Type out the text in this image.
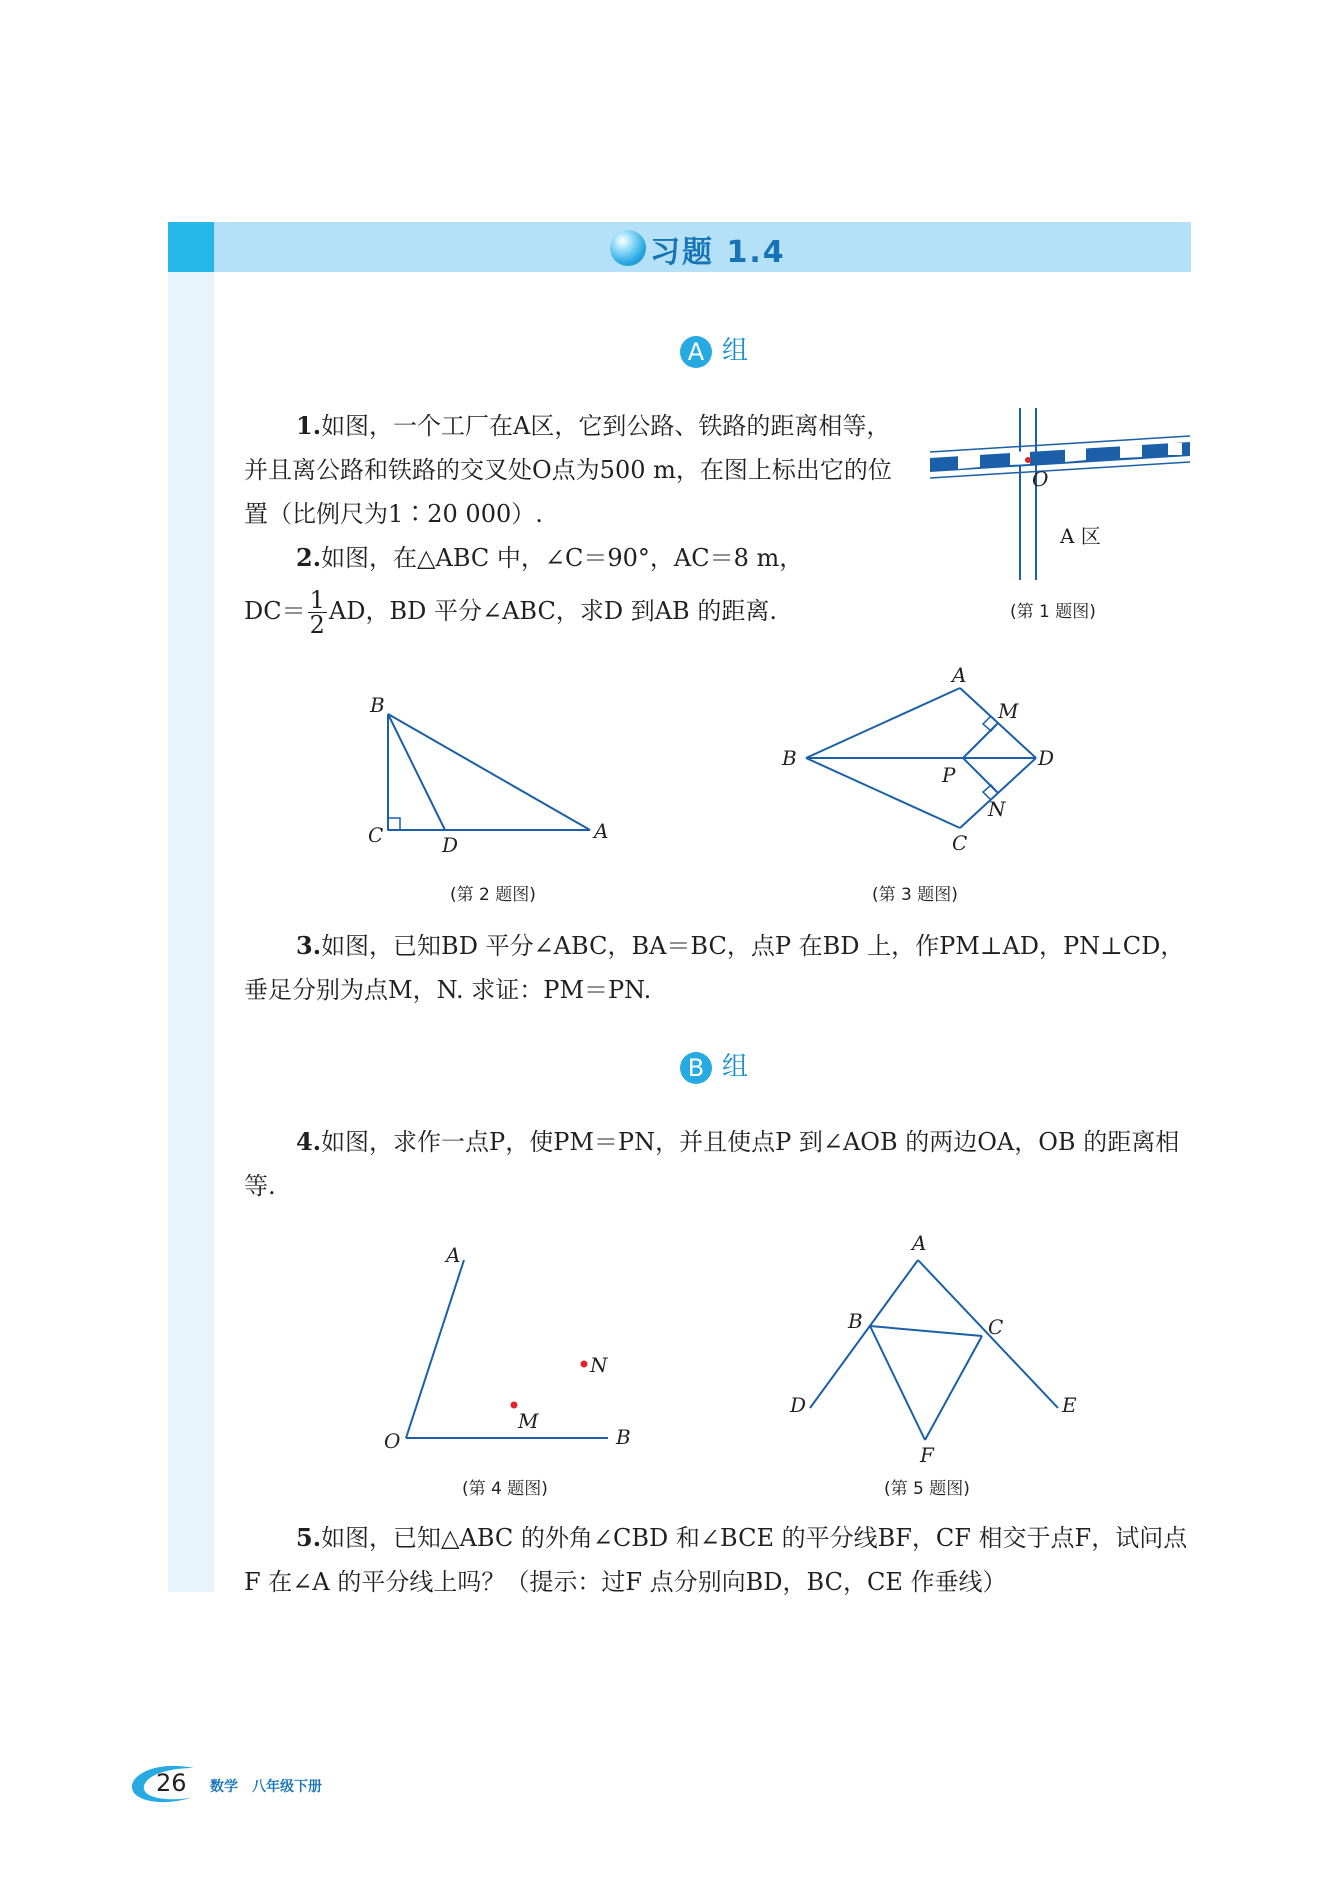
习题 1.4
A 组
1.如图，一个工厂在A区，它到公路、铁路的距离相等，并且离公路和铁路的交叉处O点为500 m，在图上标出它的位置（比例尺为1∶20 000）.
2.如图，在△ABC 中，∠C＝90°，AC＝8 m，
$DC= \frac{1}{2}$ AD，BD 平分∠ABC，求D 到AB 的距离.
O
A 区
(第 1 题图)
B
C	D
A
(第 2 题图)
A
M
B
P
D
N
C
(第 3 题图)
3.如图，已知BD 平分∠ABC，BA＝BC，点P 在BD 上，作PM⊥AD，PN⊥CD，垂足分别为点M，N. 求证：PM＝PN.
B 组
4.如图，求作一点P，使PM＝PN，并且使点P 到∠AOB 的两边OA，OB 的距离相等.
A
N
M
O	B
(第 4 题图)
A
B	C
D	E
F
(第 5 题图)
5.如图，已知△ABC 的外角∠CBD 和∠BCE 的平分线BF，CF 相交于点F，试问点F 在∠A 的平分线上吗？（提示：过F 点分别向BD，BC，CE 作垂线）
26 数学　八年级下册
